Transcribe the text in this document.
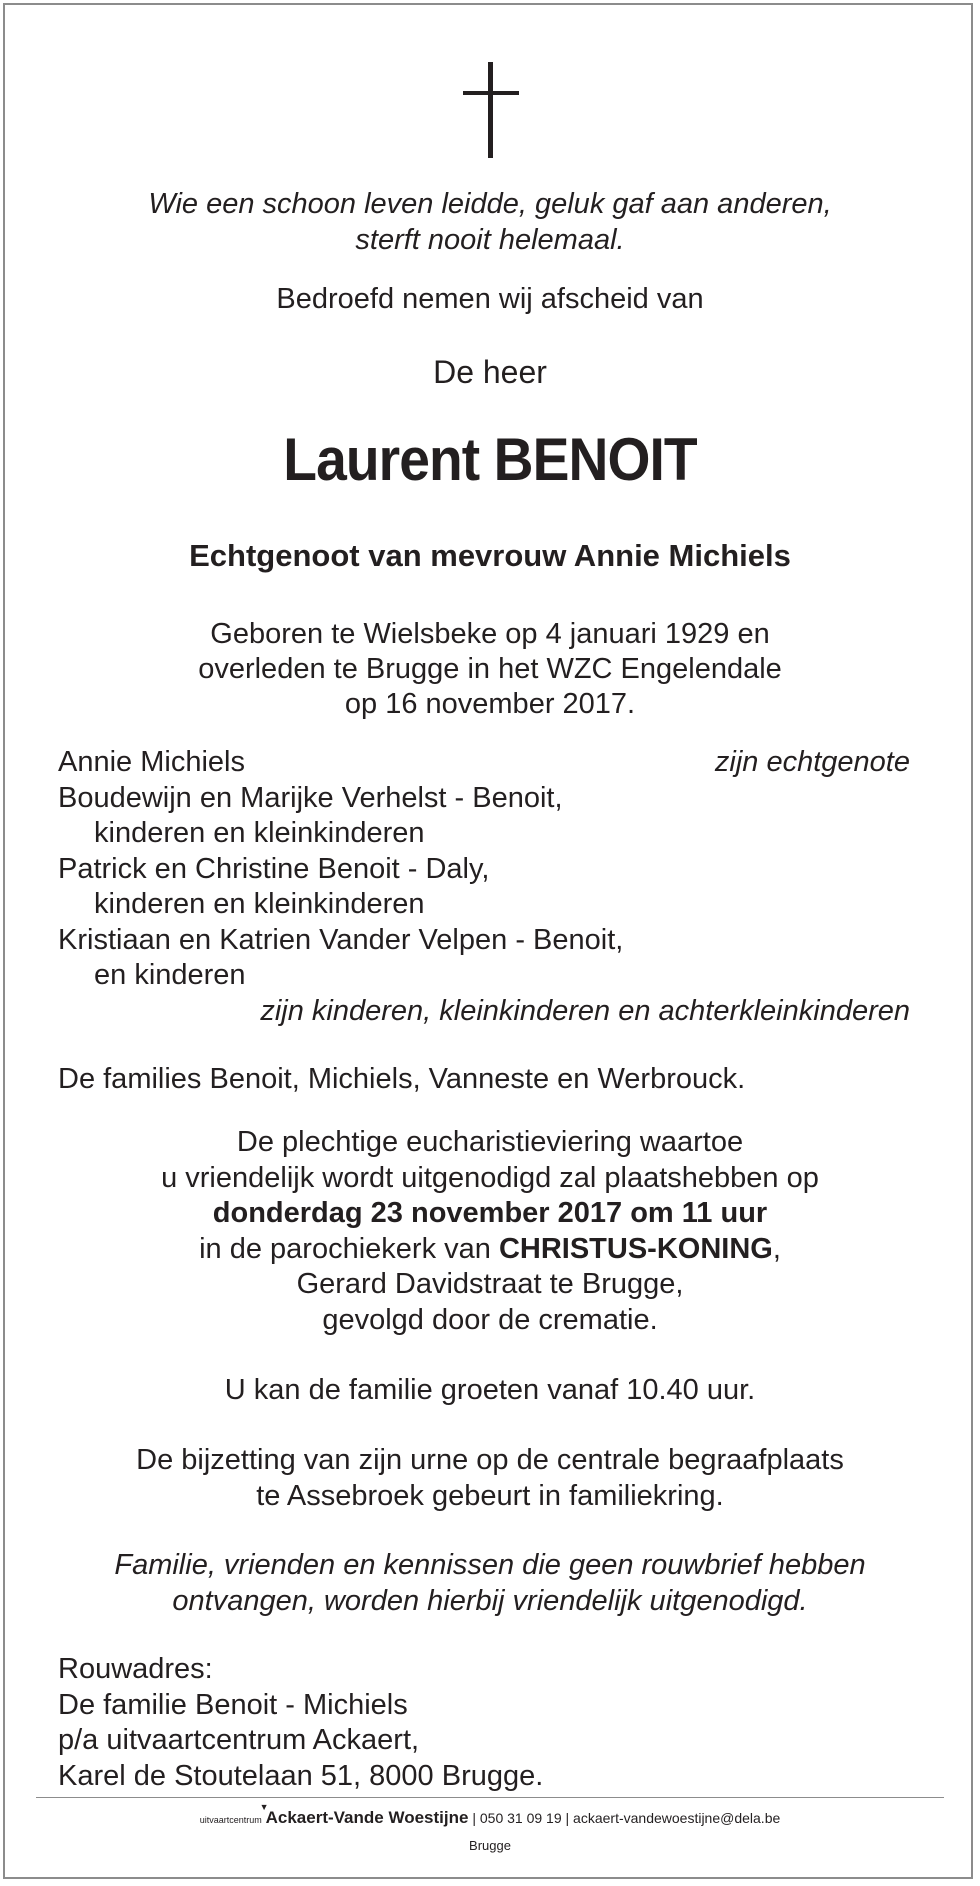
Wie een schoon leven leidde, geluk gaf aan anderen,
sterft nooit helemaal.
Bedroefd nemen wij afscheid van
De heer
Laurent BENOIT
Echtgenoot van mevrouw Annie Michiels
Geboren te Wielsbeke op 4 januari 1929 en
overleden te Brugge in het WZC Engelendale
op 16 november 2017.
Annie Michiels	zijn echtgenote
Boudewijn en Marijke Verhelst - Benoit,
kinderen en kleinkinderen
Patrick en Christine Benoit - Daly,
kinderen en kleinkinderen
Kristiaan en Katrien Vander Velpen - Benoit,
en kinderen
zijn kinderen, kleinkinderen en achterkleinkinderen
De families Benoit, Michiels, Vanneste en Werbrouck.
De plechtige eucharistieviering waartoe
u vriendelijk wordt uitgenodigd zal plaatshebben op
donderdag 23 november 2017 om 11 uur
in de parochiekerk van CHRISTUS-KONING,
Gerard Davidstraat te Brugge,
gevolgd door de crematie.
U kan de familie groeten vanaf 10.40 uur.
De bijzetting van zijn urne op de centrale begraafplaats
te Assebroek gebeurt in familiekring.
Familie, vrienden en kennissen die geen rouwbrief hebben
ontvangen, worden hierbij vriendelijk uitgenodigd.
Rouwadres:
De familie Benoit - Michiels
p/a uitvaartcentrum Ackaert,
Karel de Stoutelaan 51, 8000 Brugge.
uitvaartcentrum
▼
Ackaert-Vande Woestijne | 050 31 09 19 | ackaert-vandewoestijne@dela.be
Brugge
